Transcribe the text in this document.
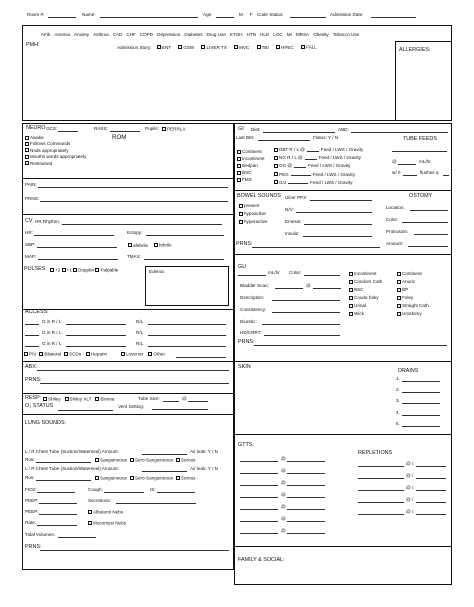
Room #:	Name:	Age:	M F Code Status:	Admission Date:
PMH:
AFib Anemia Anxiety Asthma CAD CHF COPD Depression Diabetes Drug Use ETOH HTN HLD LOC MI MRSA Obesity Tobacco Use
Admission Story: ENT	GSW	LIVER TX	MVC	TBI	HPEC	FALL	ALLERGIES:
NEURO GCS:	RASS:	Pupils:	PERRLA
ROM
Awake
Follows Commands
Nods appropriately
Mouths words appropriately
Restrained
PAIN:
PRNS:
CV HR Rhythm:
HR:	Ectopy:
SBP:	afebrile febrile
MAP:	TMAX:
PULSES:	+2 +1 Doppler Palpable	Edema:
ACCESS:
G in R / L	R/L
G in R / L	R/L
G in R / L	R/L
PIV Bilateral SCDs Heparin	Lovenox Other
ABX:
PRNS:
RESP:	Shiley Shiley XLT Bivona	Tube Size:	@
O₂ STATUS	Vent Setting:
LUNG SOUNDS:
L / R Chest Tube (Suction/Waterseal) Amount:	Air leak: Y / N
Ros:	Sanguineous Sero-Sanguineous Serous
L / R Chest Tube (Suction/Waterseal) Amount:	Air leak: Y / N
Ros:	Sanguineous Sero-Sanguineous Serous
FIO2:	Cough:	IS:
PEEP:	Secretions:
PEEP:	Albuterol Nebs
Rate:	Mucomyst Nebs
Tidal Volumes:
PRNS:
GI Diet:	ABD:
Last BM:	Flatus: Y / N	TUBE FEEDS
Continent
Incontinent
Bedpan
BSC
FMS
DBT R / L @	Feed / LWS / Gravity
NG R / L @	Feed / LWS / Gravity
OG @	Feed / LWS / Gravity
PEG	Feed / LWS / Gravity
G/J	Feed / LWS / Gravity
@	mL/hr
w/ 0	flushes q
BOWEL SOUNDS
present
hypoactive
hyperactive
Ulcer PPX:
N/V:
Emesis:
Insulin:
OSTOMY
Location:
Color:
Protrusion:
Amount:
PRNS:
GU
mL/hr Color:
Bladder Scan:	@
Description:
Consistency:
Diuretic:
HD/CRRT:
Incontinent
Condom Cath
BSC
Coude foley
Urinal
Wick
Continent
Anuric
BP
Foley
Straight Cath.
Urostomy
PRNS:
SKIN
DRAINS
1.
2.
3.
4.
5.
GTTS:
@
@
@
@
@
@
@
REPLETIONS
@ /
@ /
@ /
@ /
@ /
FAMILY & SOCIAL:
